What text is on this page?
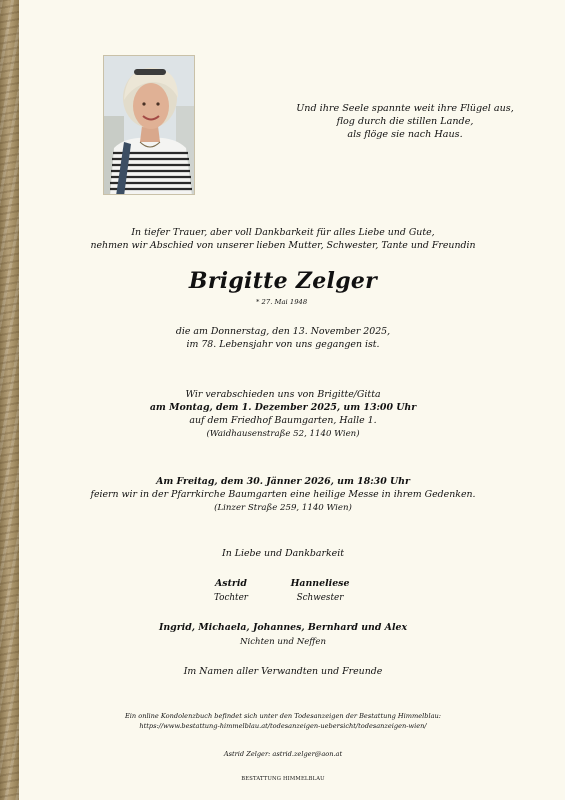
Und ihre Seele spannte weit ihre Flügel aus,
flog durch die stillen Lande,
als flöge sie nach Haus.
In tiefer Trauer, aber voll Dankbarkeit für alles Liebe und Gute,
nehmen wir Abschied von unserer lieben Mutter, Schwester, Tante und Freundin
Brigitte Zelger
* 27. Mai 1948
die am Donnerstag, den 13. November 2025,
im 78. Lebensjahr von uns gegangen ist.
Wir verabschieden uns von Brigitte/Gitta
am Montag, dem 1. Dezember 2025, um 13:00 Uhr
auf dem Friedhof Baumgarten, Halle 1.
(Waidhausenstraße 52, 1140 Wien)
Am Freitag, dem 30. Jänner 2026, um 18:30 Uhr
feiern wir in der Pfarrkirche Baumgarten eine heilige Messe in ihrem Gedenken.
(Linzer Straße 259, 1140 Wien)
In Liebe und Dankbarkeit
Astrid
Tochter
Hanneliese
Schwester
Ingrid, Michaela, Johannes, Bernhard und Alex
Nichten und Neffen
Im Namen aller Verwandten und Freunde
Ein online Kondolenzbuch befindet sich unter den Todesanzeigen der Bestattung Himmelblau:
https://www.bestattung-himmelblau.at/todesanzeigen-uebersicht/todesanzeigen-wien/
Astrid Zelger: astrid.zelger@aon.at
BESTATTUNG HIMMELBLAU
